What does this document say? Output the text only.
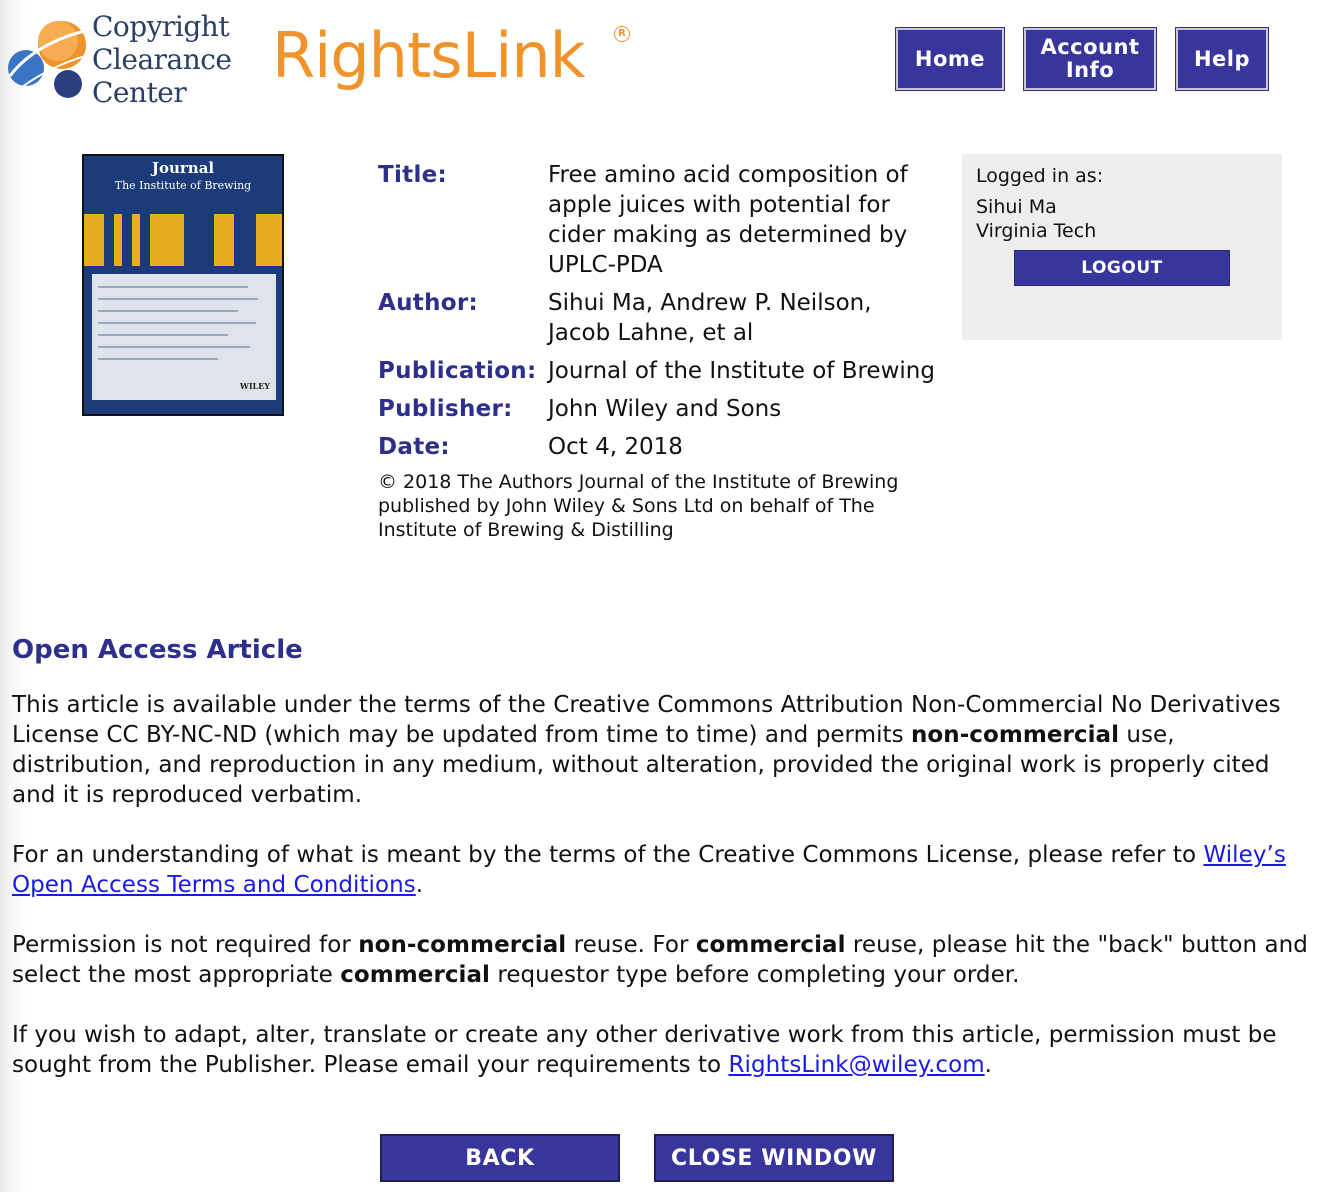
Copyright
Clearance
Center
RightsLink	R
Home	Account
Info	Help
Journal
The Institute of Brewing
WILEY
Title:	Free amino acid composition of apple juices with potential for cider making as determined by UPLC-PDA
Author:	Sihui Ma, Andrew P. Neilson, Jacob Lahne, et al
Publication: Journal of the Institute of Brewing
Publisher:	John Wiley and Sons
Date:	Oct 4, 2018
© 2018 The Authors Journal of the Institute of Brewing published by John Wiley & Sons Ltd on behalf of The Institute of Brewing & Distilling
Logged in as:
Sihui Ma
Virginia Tech
LOGOUT
Open Access Article
This article is available under the terms of the Creative Commons Attribution Non-Commercial No Derivatives License CC BY-NC-ND (which may be updated from time to time) and permits non-commercial use, distribution, and reproduction in any medium, without alteration, provided the original work is properly cited and it is reproduced verbatim.
For an understanding of what is meant by the terms of the Creative Commons License, please refer to Wiley’s Open Access Terms and Conditions.
Permission is not required for non-commercial reuse. For commercial reuse, please hit the "back" button and select the most appropriate commercial requestor type before completing your order.
If you wish to adapt, alter, translate or create any other derivative work from this article, permission must be sought from the Publisher. Please email your requirements to RightsLink@wiley.com.
BACK	CLOSE WINDOW
